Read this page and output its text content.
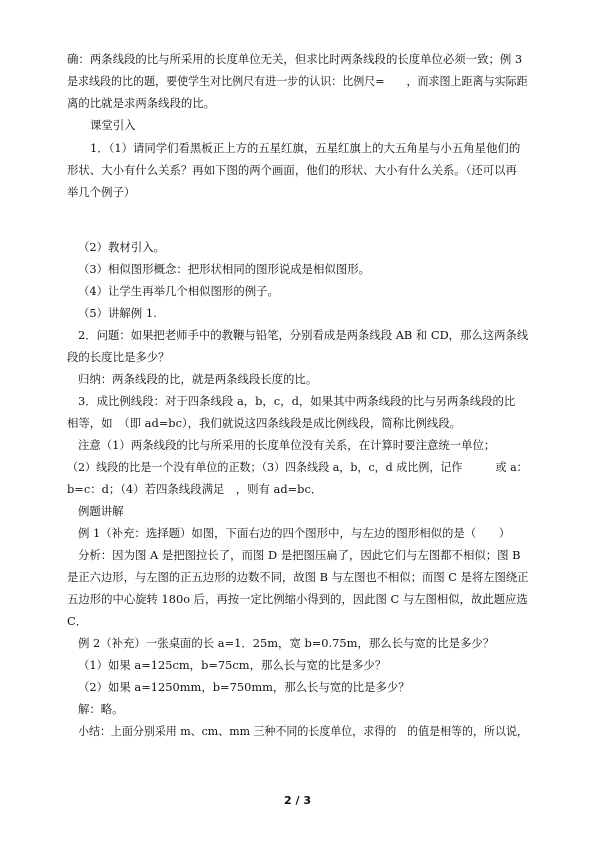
确：两条线段的比与所采用的长度单位无关，但求比时两条线段的长度单位必须一致；例 3
是求线段的比的题，要使学生对比例尺有进一步的认识：比例尺=　　，而求图上距离与实际距
离的比就是求两条线段的比。
课堂引入
1．（1）请同学们看黑板正上方的五星红旗，五星红旗上的大五角星与小五角星他们的
形状、大小有什么关系？再如下图的两个画面，他们的形状、大小有什么关系。（还可以再
举几个例子）
（2）教材引入。
（3）相似图形概念：把形状相同的图形说成是相似图形。
（4）让学生再举几个相似图形的例子。
（5）讲解例 1.
2．问题：如果把老师手中的教鞭与铅笔，分别看成是两条线段 AB 和 CD，那么这两条线
段的长度比是多少？
归纳：两条线段的比，就是两条线段长度的比。
3．成比例线段：对于四条线段 a，b，c，d，如果其中两条线段的比与另两条线段的比
相等，如　（即 ad=bc），我们就说这四条线段是成比例线段，简称比例线段。
注意（1）两条线段的比与所采用的长度单位没有关系，在计算时要注意统一单位；
（2）线段的比是一个没有单位的正数；（3）四条线段 a，b，c，d 成比例，记作　　　或 a：
b=c：d；（4）若四条线段满足　，则有 ad=bc．
例题讲解
例 1（补充：选择题）如图，下面右边的四个图形中，与左边的图形相似的是（　　）
分析：因为图 A 是把图拉长了，而图 D 是把图压扁了，因此它们与左图都不相似；图 B
是正六边形，与左图的正五边形的边数不同，故图 B 与左图也不相似；而图 C 是将左图绕正
五边形的中心旋转 180o 后，再按一定比例缩小得到的，因此图 C 与左图相似，故此题应选
C．
例 2（补充）一张桌面的长 a=1．25m，宽 b=0.75m，那么长与宽的比是多少？
（1）如果 a=125cm，b=75cm，那么长与宽的比是多少？
（2）如果 a=1250mm，b=750mm，那么长与宽的比是多少？
解：略。
小结：上面分别采用 m、cm、mm 三种不同的长度单位，求得的　的值是相等的，所以说，
2 / 3
